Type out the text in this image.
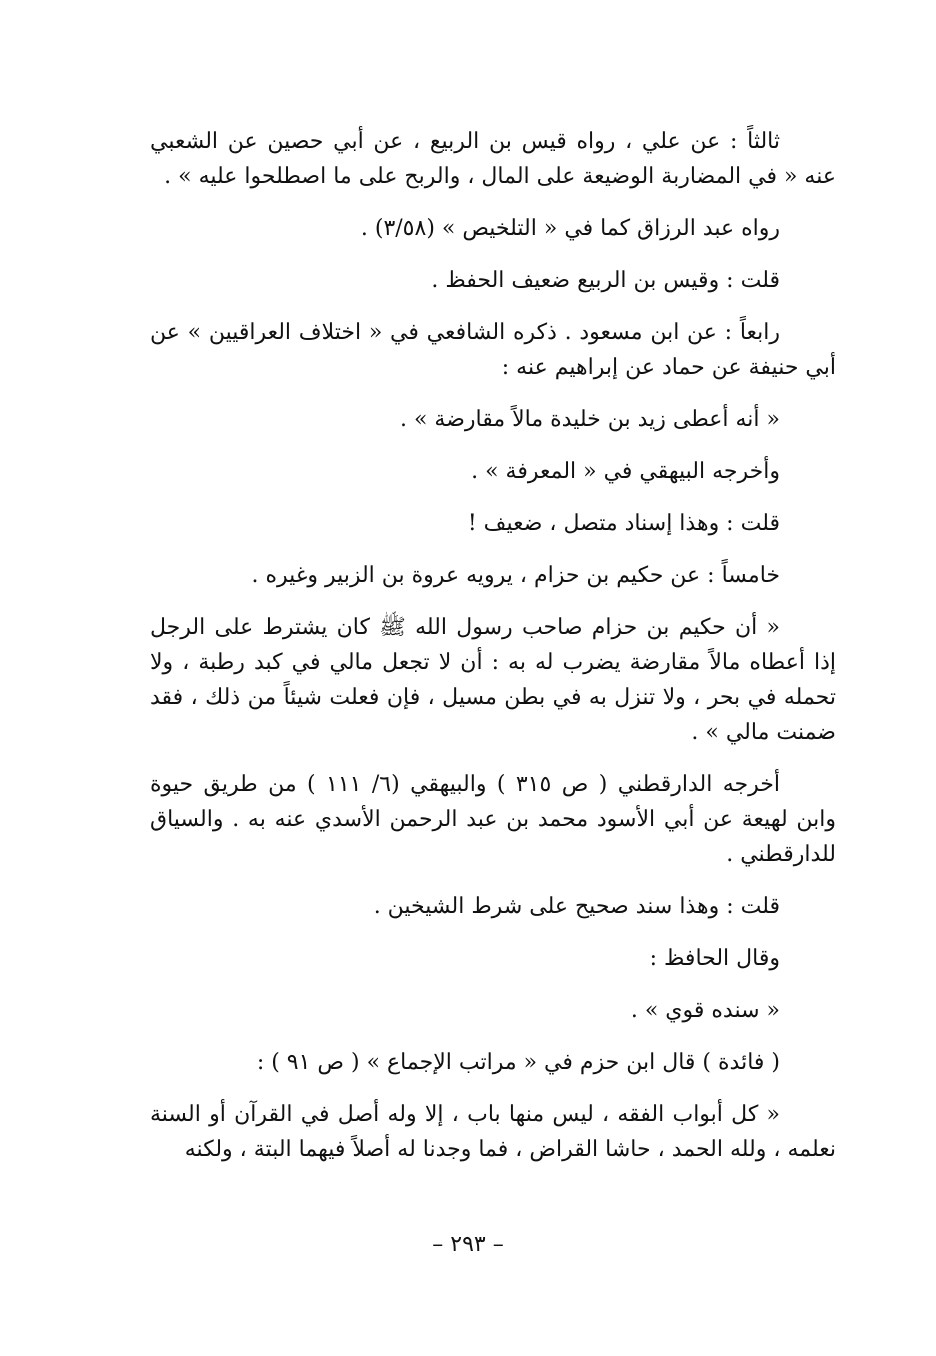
ثالثاً : عن علي ، رواه قيس بن الربيع ، عن أبي حصين عن الشعبي عنه « في المضاربة الوضيعة على المال ، والربح على ما اصطلحوا عليه » .

رواه عبد الرزاق كما في « التلخيص » (٣/٥٨) .

قلت : وقيس بن الربيع ضعيف الحفظ .

رابعاً : عن ابن مسعود . ذكره الشافعي في « اختلاف العراقيين » عن أبي حنيفة عن حماد عن إبراهيم عنه :

« أنه أعطى زيد بن خليدة مالاً مقارضة » .

وأخرجه البيهقي في « المعرفة » .

قلت : وهذا إسناد متصل ، ضعيف !

خامساً : عن حكيم بن حزام ، يرويه عروة بن الزبير وغيره .

« أن حكيم بن حزام صاحب رسول الله ﷺ كان يشترط على الرجل إذا أعطاه مالاً مقارضة يضرب له به : أن لا تجعل مالي في كبد رطبة ، ولا تحمله في بحر ، ولا تنزل به في بطن مسيل ، فإن فعلت شيئاً من ذلك ، فقد ضمنت مالي » .

أخرجه الدارقطني ( ص ٣١٥ ) والبيهقي (٦/ ١١١ ) من طريق حيوة وابن لهيعة عن أبي الأسود محمد بن عبد الرحمن الأسدي عنه به . والسياق للدارقطني .

قلت : وهذا سند صحيح على شرط الشيخين .

وقال الحافظ :

« سنده قوي » .

( فائدة ) قال ابن حزم في « مراتب الإجماع » ( ص ٩١ ) :

« كل أبواب الفقه ، ليس منها باب ، إلا وله أصل في القرآن أو السنة نعلمه ، ولله الحمد ، حاشا القراض ، فما وجدنا له أصلاً فيهما البتة ، ولكنه

– ٢٩٣ –
